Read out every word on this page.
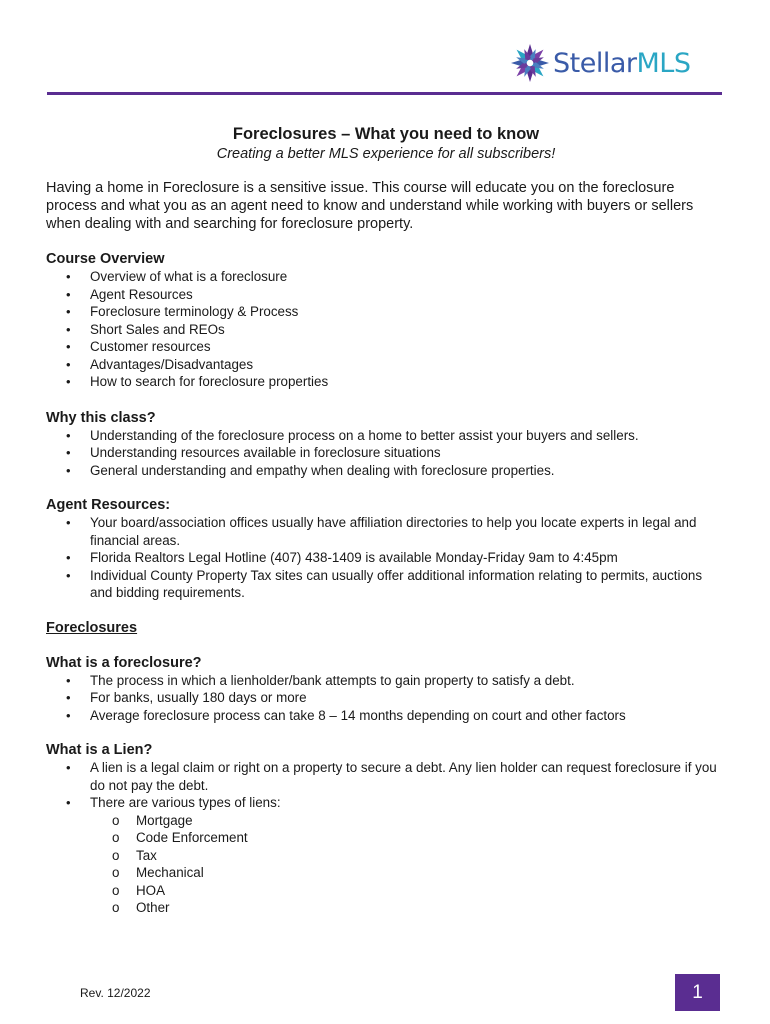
StellarMLS

Foreclosures – What you need to know

Creating a better MLS experience for all subscribers!

Having a home in Foreclosure is a sensitive issue. This course will educate you on the foreclosure process and what you as an agent need to know and understand while working with buyers or sellers when dealing with and searching for foreclosure property.

Course Overview
• Overview of what is a foreclosure
• Agent Resources
• Foreclosure terminology & Process
• Short Sales and REOs
• Customer resources
• Advantages/Disadvantages
• How to search for foreclosure properties
Why this class?
• Understanding of the foreclosure process on a home to better assist your buyers and sellers.
• Understanding resources available in foreclosure situations
• General understanding and empathy when dealing with foreclosure properties.
Agent Resources:
• Your board/association offices usually have affiliation directories to help you locate experts in legal and financial areas.
• Florida Realtors Legal Hotline (407) 438-1409 is available Monday-Friday 9am to 4:45pm
• Individual County Property Tax sites can usually offer additional information relating to permits, auctions and bidding requirements.
Foreclosures
What is a foreclosure?
• The process in which a lienholder/bank attempts to gain property to satisfy a debt.
• For banks, usually 180 days or more
• Average foreclosure process can take 8 – 14 months depending on court and other factors
What is a Lien?
• A lien is a legal claim or right on a property to secure a debt. Any lien holder can request foreclosure if you do not pay the debt.
• There are various types of liens:
o Mortgage
o Code Enforcement
o Tax
o Mechanical
o HOA
o Other
Rev. 12/2022	1
